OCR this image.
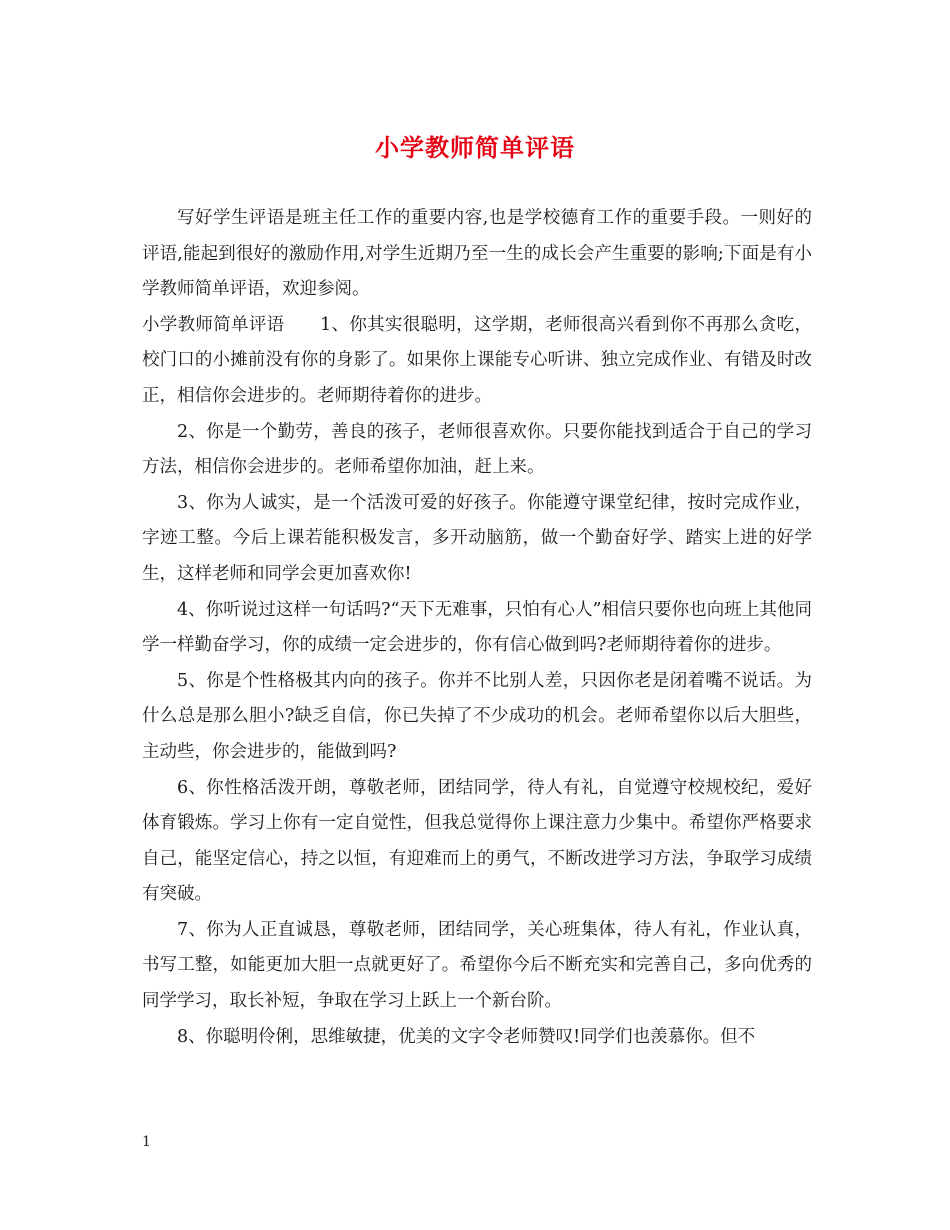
小学教师简单评语

写好学生评语是班主任工作的重要内容,也是学校德育工作的重要手段。一则好的评语,能起到很好的激励作用,对学生近期乃至一生的成长会产生重要的影响;下面是有小学教师简单评语，欢迎参阅。

小学教师简单评语　　1、你其实很聪明，这学期，老师很高兴看到你不再那么贪吃，校门口的小摊前没有你的身影了。如果你上课能专心听讲、独立完成作业、有错及时改正，相信你会进步的。老师期待着你的进步。

2、你是一个勤劳，善良的孩子，老师很喜欢你。只要你能找到适合于自己的学习方法，相信你会进步的。老师希望你加油，赶上来。

3、你为人诚实，是一个活泼可爱的好孩子。你能遵守课堂纪律，按时完成作业，字迹工整。今后上课若能积极发言，多开动脑筋，做一个勤奋好学、踏实上进的好学生，这样老师和同学会更加喜欢你!

4、你听说过这样一句话吗?“天下无难事，只怕有心人”相信只要你也向班上其他同学一样勤奋学习，你的成绩一定会进步的，你有信心做到吗?老师期待着你的进步。

5、你是个性格极其内向的孩子。你并不比别人差，只因你老是闭着嘴不说话。为什么总是那么胆小?缺乏自信，你已失掉了不少成功的机会。老师希望你以后大胆些，主动些，你会进步的，能做到吗?

6、你性格活泼开朗，尊敬老师，团结同学，待人有礼，自觉遵守校规校纪，爱好体育锻炼。学习上你有一定自觉性，但我总觉得你上课注意力少集中。希望你严格要求自己，能坚定信心，持之以恒，有迎难而上的勇气，不断改进学习方法，争取学习成绩有突破。

7、你为人正直诚恳，尊敬老师，团结同学，关心班集体，待人有礼，作业认真，书写工整，如能更加大胆一点就更好了。希望你今后不断充实和完善自己，多向优秀的同学学习，取长补短，争取在学习上跃上一个新台阶。

8、你聪明伶俐，思维敏捷，优美的文字令老师赞叹!同学们也羡慕你。但不

1
